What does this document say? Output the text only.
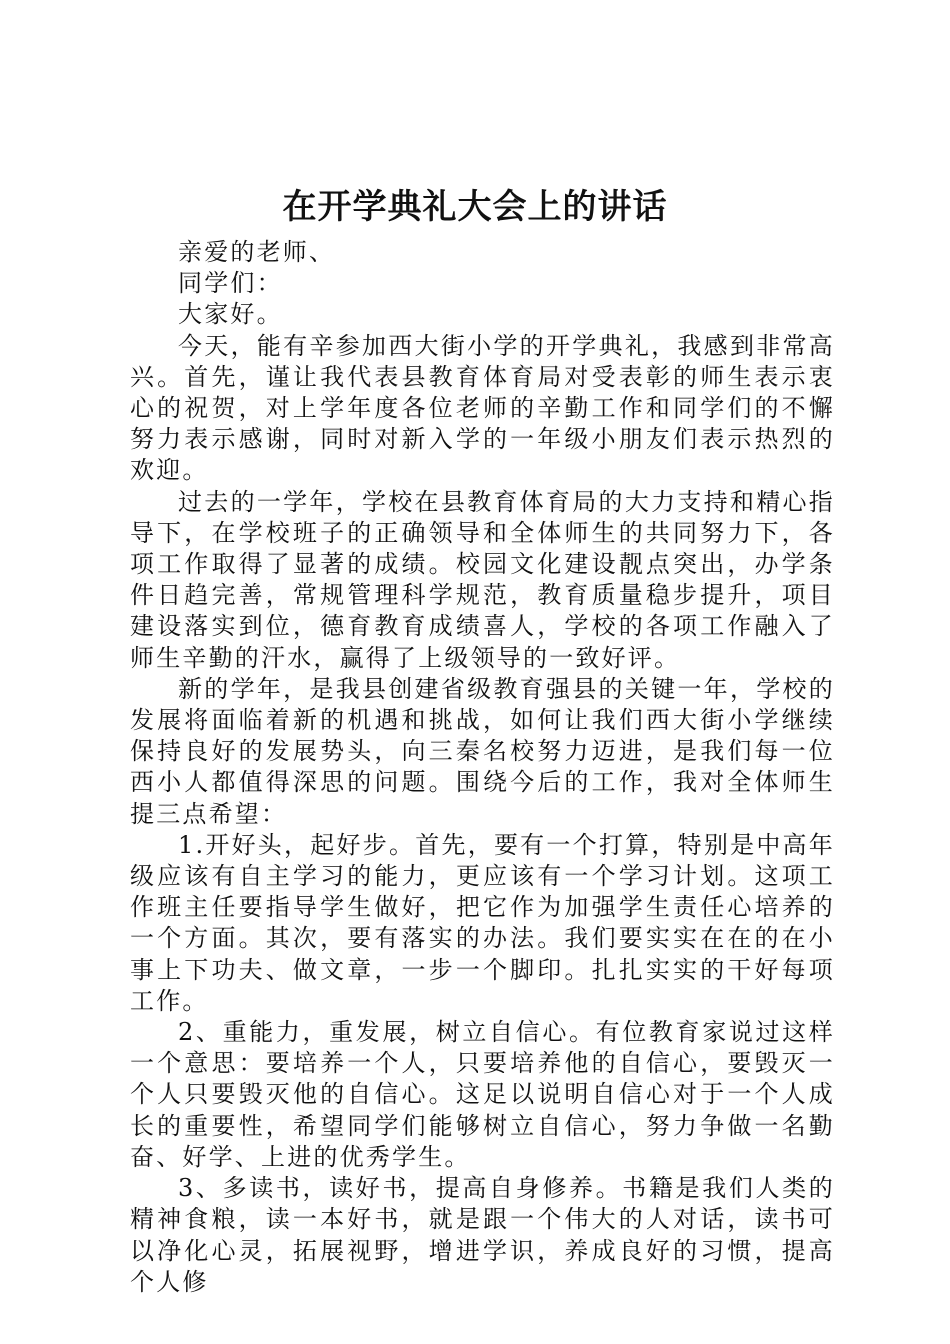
在开学典礼大会上的讲话

亲爱的老师、

同学们：

大家好。

今天，能有辛参加西大街小学的开学典礼，我感到非常高兴。首先，谨让我代表县教育体育局对受表彰的师生表示衷心的祝贺，对上学年度各位老师的辛勤工作和同学们的不懈努力表示感谢，同时对新入学的一年级小朋友们表示热烈的欢迎。

过去的一学年，学校在县教育体育局的大力支持和精心指导下，在学校班子的正确领导和全体师生的共同努力下，各项工作取得了显著的成绩。校园文化建设靓点突出，办学条件日趋完善，常规管理科学规范，教育质量稳步提升，项目建设落实到位，德育教育成绩喜人，学校的各项工作融入了师生辛勤的汗水，赢得了上级领导的一致好评。

新的学年，是我县创建省级教育强县的关键一年，学校的发展将面临着新的机遇和挑战，如何让我们西大街小学继续保持良好的发展势头，向三秦名校努力迈进，是我们每一位西小人都值得深思的问题。围绕今后的工作，我对全体师生提三点希望：

1.开好头，起好步。首先，要有一个打算，特别是中高年级应该有自主学习的能力，更应该有一个学习计划。这项工作班主任要指导学生做好，把它作为加强学生责任心培养的一个方面。其次，要有落实的办法。我们要实实在在的在小事上下功夫、做文章，一步一个脚印。扎扎实实的干好每项工作。

2、重能力，重发展，树立自信心。有位教育家说过这样一个意思：要培养一个人，只要培养他的自信心，要毁灭一个人只要毁灭他的自信心。这足以说明自信心对于一个人成长的重要性，希望同学们能够树立自信心，努力争做一名勤奋、好学、上进的优秀学生。

3、多读书，读好书，提高自身修养。书籍是我们人类的精神食粮，读一本好书，就是跟一个伟大的人对话，读书可以净化心灵，拓展视野，增进学识，养成良好的习惯，提高个人修
